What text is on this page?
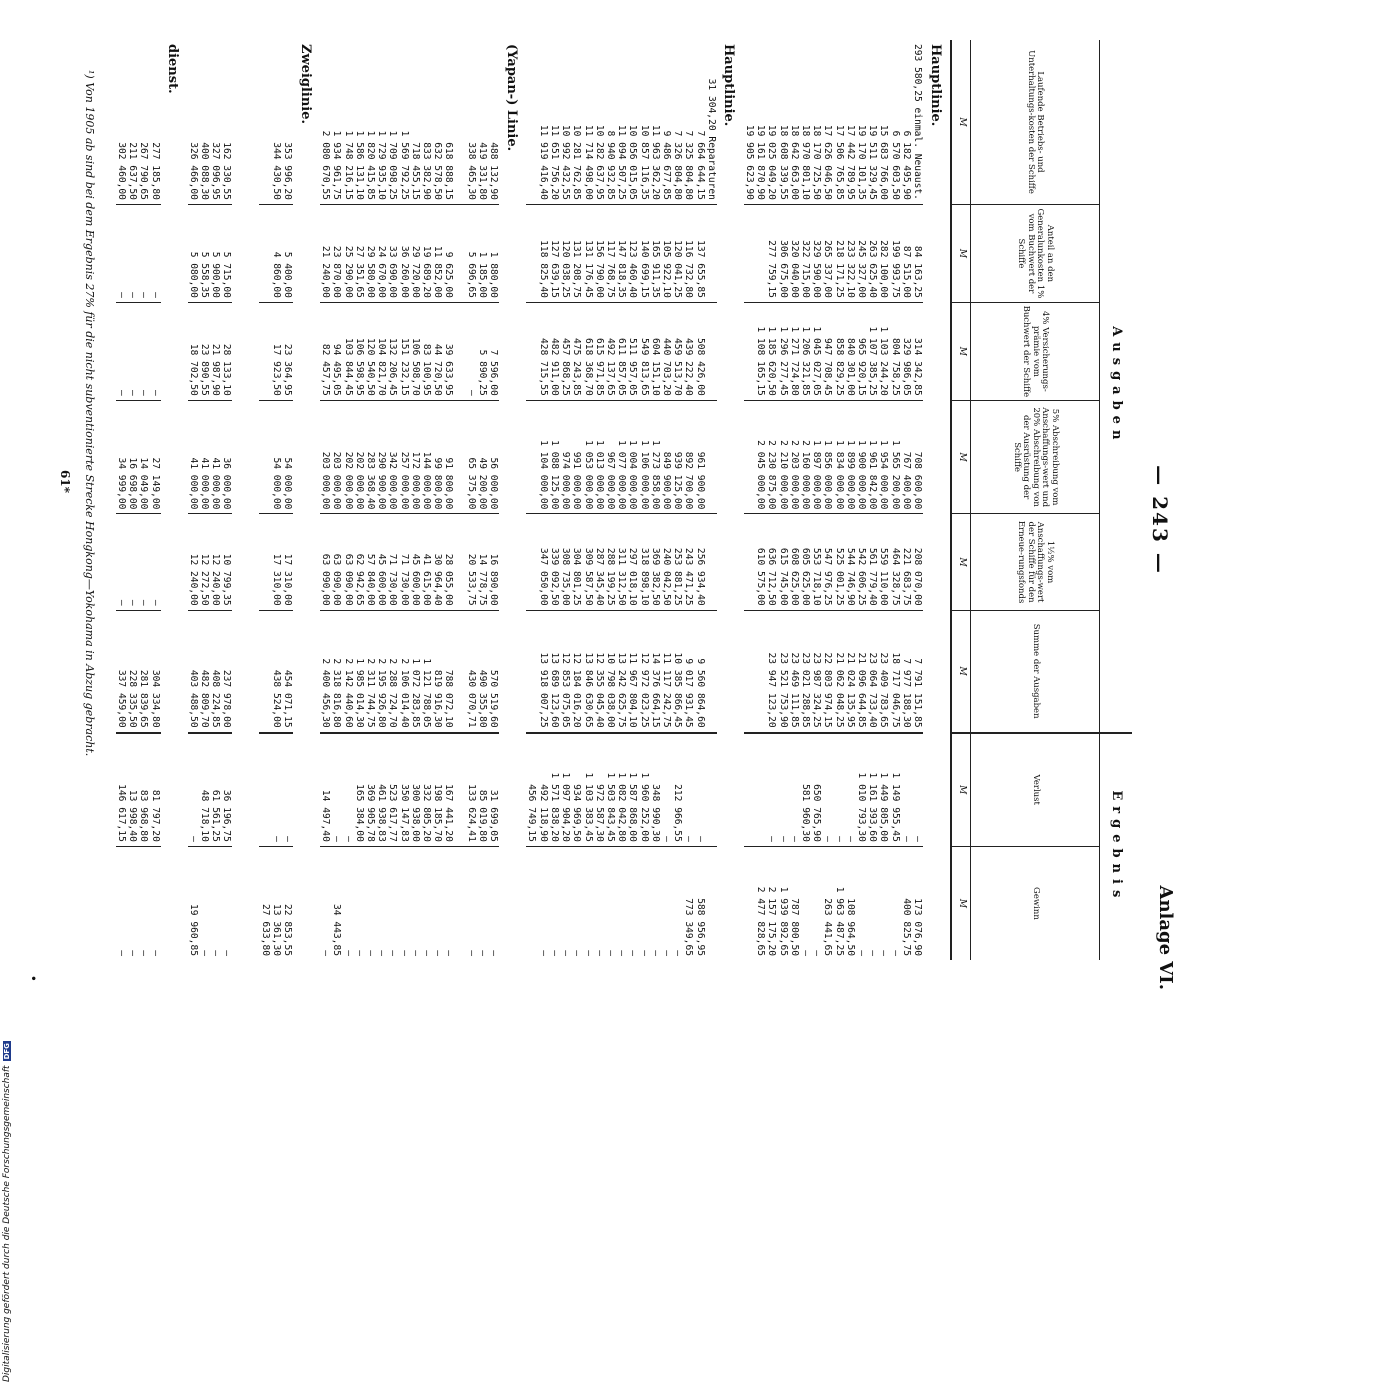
— 243 —
Anlage VI.
Ausgaben						Ergebnis	
Laufende Betriebs- und Unterhaltungs-kosten der Schiffe	Anteil an den Generalunkosten 1% vom Buchwert der Schiffe	4% Versicherungs-prämie vom Buchwert der Schiffe	5% Abschreibung vom Anschaffungs-wert und 20% Abschreibung von der Ausrüstung der Schiffe	1½% vom Anschaffungs-wert der Schiffe für den Erneue-rungsfonds	Summe der Ausgaben	Verlust	Gewinn
M	M	M	M	M	M	M	M
Hauptlinie.							
293 580,25 einmal. Neuaust.	84 163,25	314 342,85	708 600,00	208 070,00	7 791 151,85	—	173 076,90
6 182 495,90	87 515,00	329 986,05	767 400,00	221 683,75	7 977 188,30	—	400 825,75
6 570 603,50	199 993,75	804 758,25	1 565 200,00	464 328,75	18 717 046,75	1 149 955,45	—
15 683 766,00	282 100,00	1 103 244,20	1 954 000,00	559 110,00	23 409 783,65	1 449 805,00	—
19 511 329,45	263 625,40	1 107 385,25	1 961 842,00	561 779,40	23 064 733,40	1 161 393,60	—
19 170 101,35	245 327,00	965 920,15	1 900 000,00	542 606,25	21 096 644,85	1 010 793,30	—
17 442 789,95	233 322,10	840 301,00	1 899 000,00	544 746,90	21 024 135,95	—	108 964,50
17 506 765,85	218 171,25	858 829,25	1 834 000,00	525 001,25	21 062 048,25	—	1 963 487,25
17 626 046,50	265 337,00	947 708,45	1 856 000,00	547 976,25	22 803 974,15	—	263 441,65
18 170 725,50	329 590,00	1 045 027,05	1 897 000,00	553 718,10	23 987 324,25	650 765,90	—
18 970 801,10	322 715,00	1 206 321,85	2 160 000,00	605 625,00	23 021 288,85	581 960,30	—
18 642 663,00	320 040,00	1 271 724,80	2 203 000,00	608 625,00	23 469 111,85	—	787 800,50
18 608 339,55	306 675,00	1 296 277,45	2 210 000,00	615 745,00	23 521 753,90	—	1 939 892,65
19 025 049,20	277 759,15	1 185 620,50	2 230 875,00	636 712,50	23 947 123,20	—	2 157 175,20
19 161 870,90		1 108 165,15	2 045 000,00	610 575,00			2 477 828,65
19 905 623,90							
Hauptlinie.							
31 304,20 Reparaturen							
7 664 644,15	137 655,85	508 426,00	961 900,00	256 934,40	9 560 864,60	—	588 956,95
7 325 804,80	116 732,80	439 222,40	892 700,00	243 471,25	9 017 931,45	—	773 349,65
7 326 804,80	120 041,25	459 513,70	939 125,00	253 881,25	10 385 866,45	212 966,55	—
9 486 677,85	105 922,10	440 703,20	849 900,00	240 042,50	11 117 242,75	—	—
11 963 362,20	165 911,35	604 151,10	1 273 858,00	369 382,50	14 376 664,15	348 990,30	—
10 857 116,35	140 699,15	549 813,65	1 106 000,00	318 898,10	12 972 023,25	1 960 252,00	—
10 056 015,05	123 460,40	511 957,05	1 004 000,00	297 018,10	11 967 804,10	1 587 868,00	—
11 094 507,25	147 818,35	611 857,05	1 077 000,00	311 312,50	13 242 625,75	1 082 042,80	—
8 940 932,85	117 768,75	492 137,65	967 000,00	288 199,25	10 798 038,00	1 503 843,45	—
10 282 637,95	156 790,00	615 971,85	1 013 000,00	287 345,40	12 355 045,40	972 587,30	—
11 714 498,00	131 176,45	618 368,70	1 053 000,00	309 587,50	13 846 630,65	1 103 383,45	—
10 281 762,85	131 208,75	475 243,85	991 000,00	304 801,25	12 184 016,20	934 969,50	—
10 992 432,55	120 038,25	457 868,25	974 000,00	308 735,00	12 853 075,05	1 097 904,20	—
11 651 756,20	127 639,15	482 911,00	1 088 125,00	339 092,50	13 689 123,60	1 571 838,20	—
11 919 416,40	118 825,40	428 715,55	1 104 000,00	347 050,00	13 918 007,25	492 118,90	—
						456 749,15	
(Yapan-) Linie.							
488 132,90	1 880,00	7 596,00	56 000,00	16 890,00	570 519,60	31 699,05	—
419 331,80	1 185,00	5 890,25	49 200,00	14 778,75	490 355,80	85 019,80	—
338 465,30	5 696,65	—	65 375,00	20 533,75	430 070,71	133 624,41	—

618 888,15	9 625,00	39 633,95	91 800,00	28 055,00	788 072,10	167 441,20	—
632 578,50	11 852,00	44 720,50	99 800,00	30 964,40	819 916,30	198 185,70	—
833 382,90	19 689,20	83 100,95	144 000,00	41 615,00	1 121 788,05	332 805,20	—
718 455,15	29 720,00	106 508,70	172 000,00	45 600,00	1 072 283,85	300 938,00	—
1 569 792,25	36 260,00	151 232,15	257 000,00	71 730,00	2 106 014,40	350 147,83	—
1 709 098,25	33 690,00	132 206,45	342 000,00	71 730,00	2 288 724,70	523 617,77	—
1 729 935,10	24 670,00	104 821,70	290 900,00	45 600,00	2 195 926,80	461 938,83	—
1 820 415,85	29 580,00	120 540,50	283 368,40	57 840,00	2 311 744,75	369 905,78	—
1 586 131,10	27 351,65	106 598,95	202 000,00	62 942,65	1 985 014,30	165 384,00	—
1 748 216,15	25 290,00	103 844,45	202 000,00	63 090,00	2 142 440,60	—	—
1 934 961,75	23 870,00	94 495,05	203 000,00	63 090,00	2 318 816,80	—	34 443,85
2 080 670,55	21 240,00	82 457,75	203 000,00	63 090,00	2 400 456,30	14 497,40	—
Zweiglinie.							
353 996,20	5 400,00	23 364,95	54 000,00	17 310,00	454 071,15	—	22 853,55
344 430,50	4 860,00	17 923,50	54 000,00	17 310,00	438 524,00	—	13 361,30
							27 633,80

162 330,55	5 715,00	28 133,10	36 000,00	10 799,35	237 978,00	36 196,75	—
327 096,95	5 900,00	21 987,90	41 000,00	12 240,00	408 224,85	61 561,25	—
400 088,30	5 558,35	23 890,55	41 000,00	12 272,50	482 809,70	48 718,10	—
326 466,00	5 080,00	18 702,50	41 000,00	12 240,00	403 488,50	—	19 960,85
dienst.							
277 185,80	—	—	27 149,00	—	304 334,80	81 797,20	—
267 790,65	—	—	14 049,00	—	281 839,65	83 968,80	—
211 637,50	—	—	16 698,00	—	228 335,50	13 998,40	—
302 460,00	—	—	34 999,00	—	337 459,00	146 617,15	—
¹) Von 1905 ab sind bei dem Ergebnis 27% für die nicht subventionierte Strecke Hongkong—Yokohama in Abzug gebracht.
61*
•
Digitalisierung gefördert durch die Deutsche ForschungsgemeinschaftDFG
